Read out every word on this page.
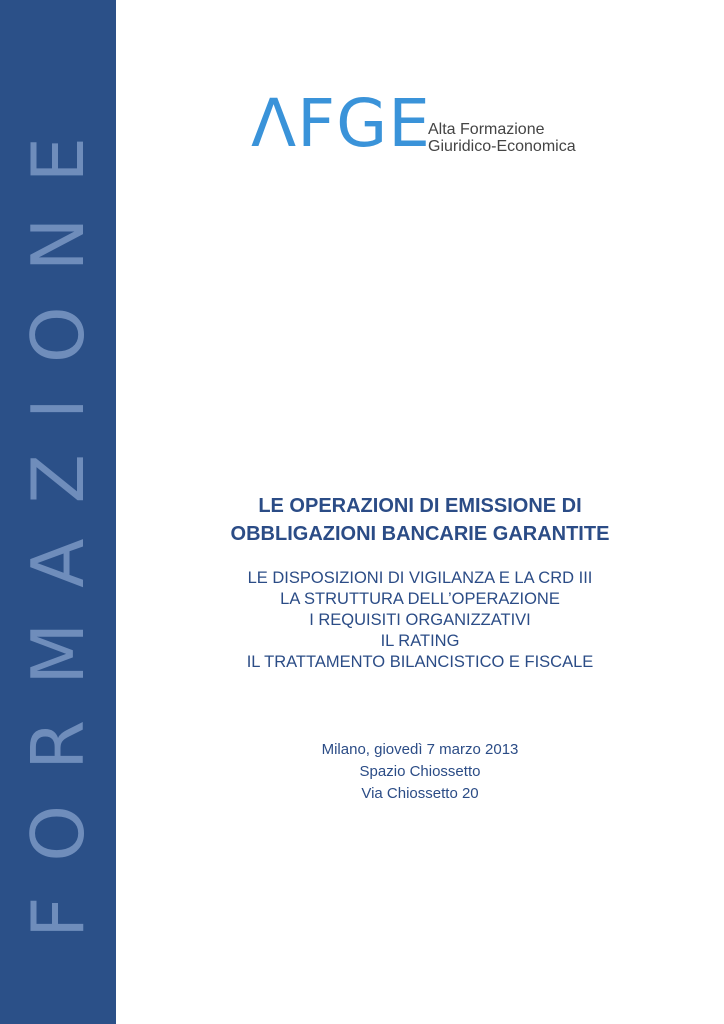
FORMAZIONE ΛFGE
Alta Formazione
Giuridico-Economica
LE OPERAZIONI DI EMISSIONE DI
OBBLIGAZIONI BANCARIE GARANTITE
LE DISPOSIZIONI DI VIGILANZA E LA CRD III
LA STRUTTURA DELL’OPERAZIONE
I REQUISITI ORGANIZZATIVI
IL RATING
IL TRATTAMENTO BILANCISTICO E FISCALE
Milano, giovedì 7 marzo 2013
Spazio Chiossetto
Via Chiossetto 20
